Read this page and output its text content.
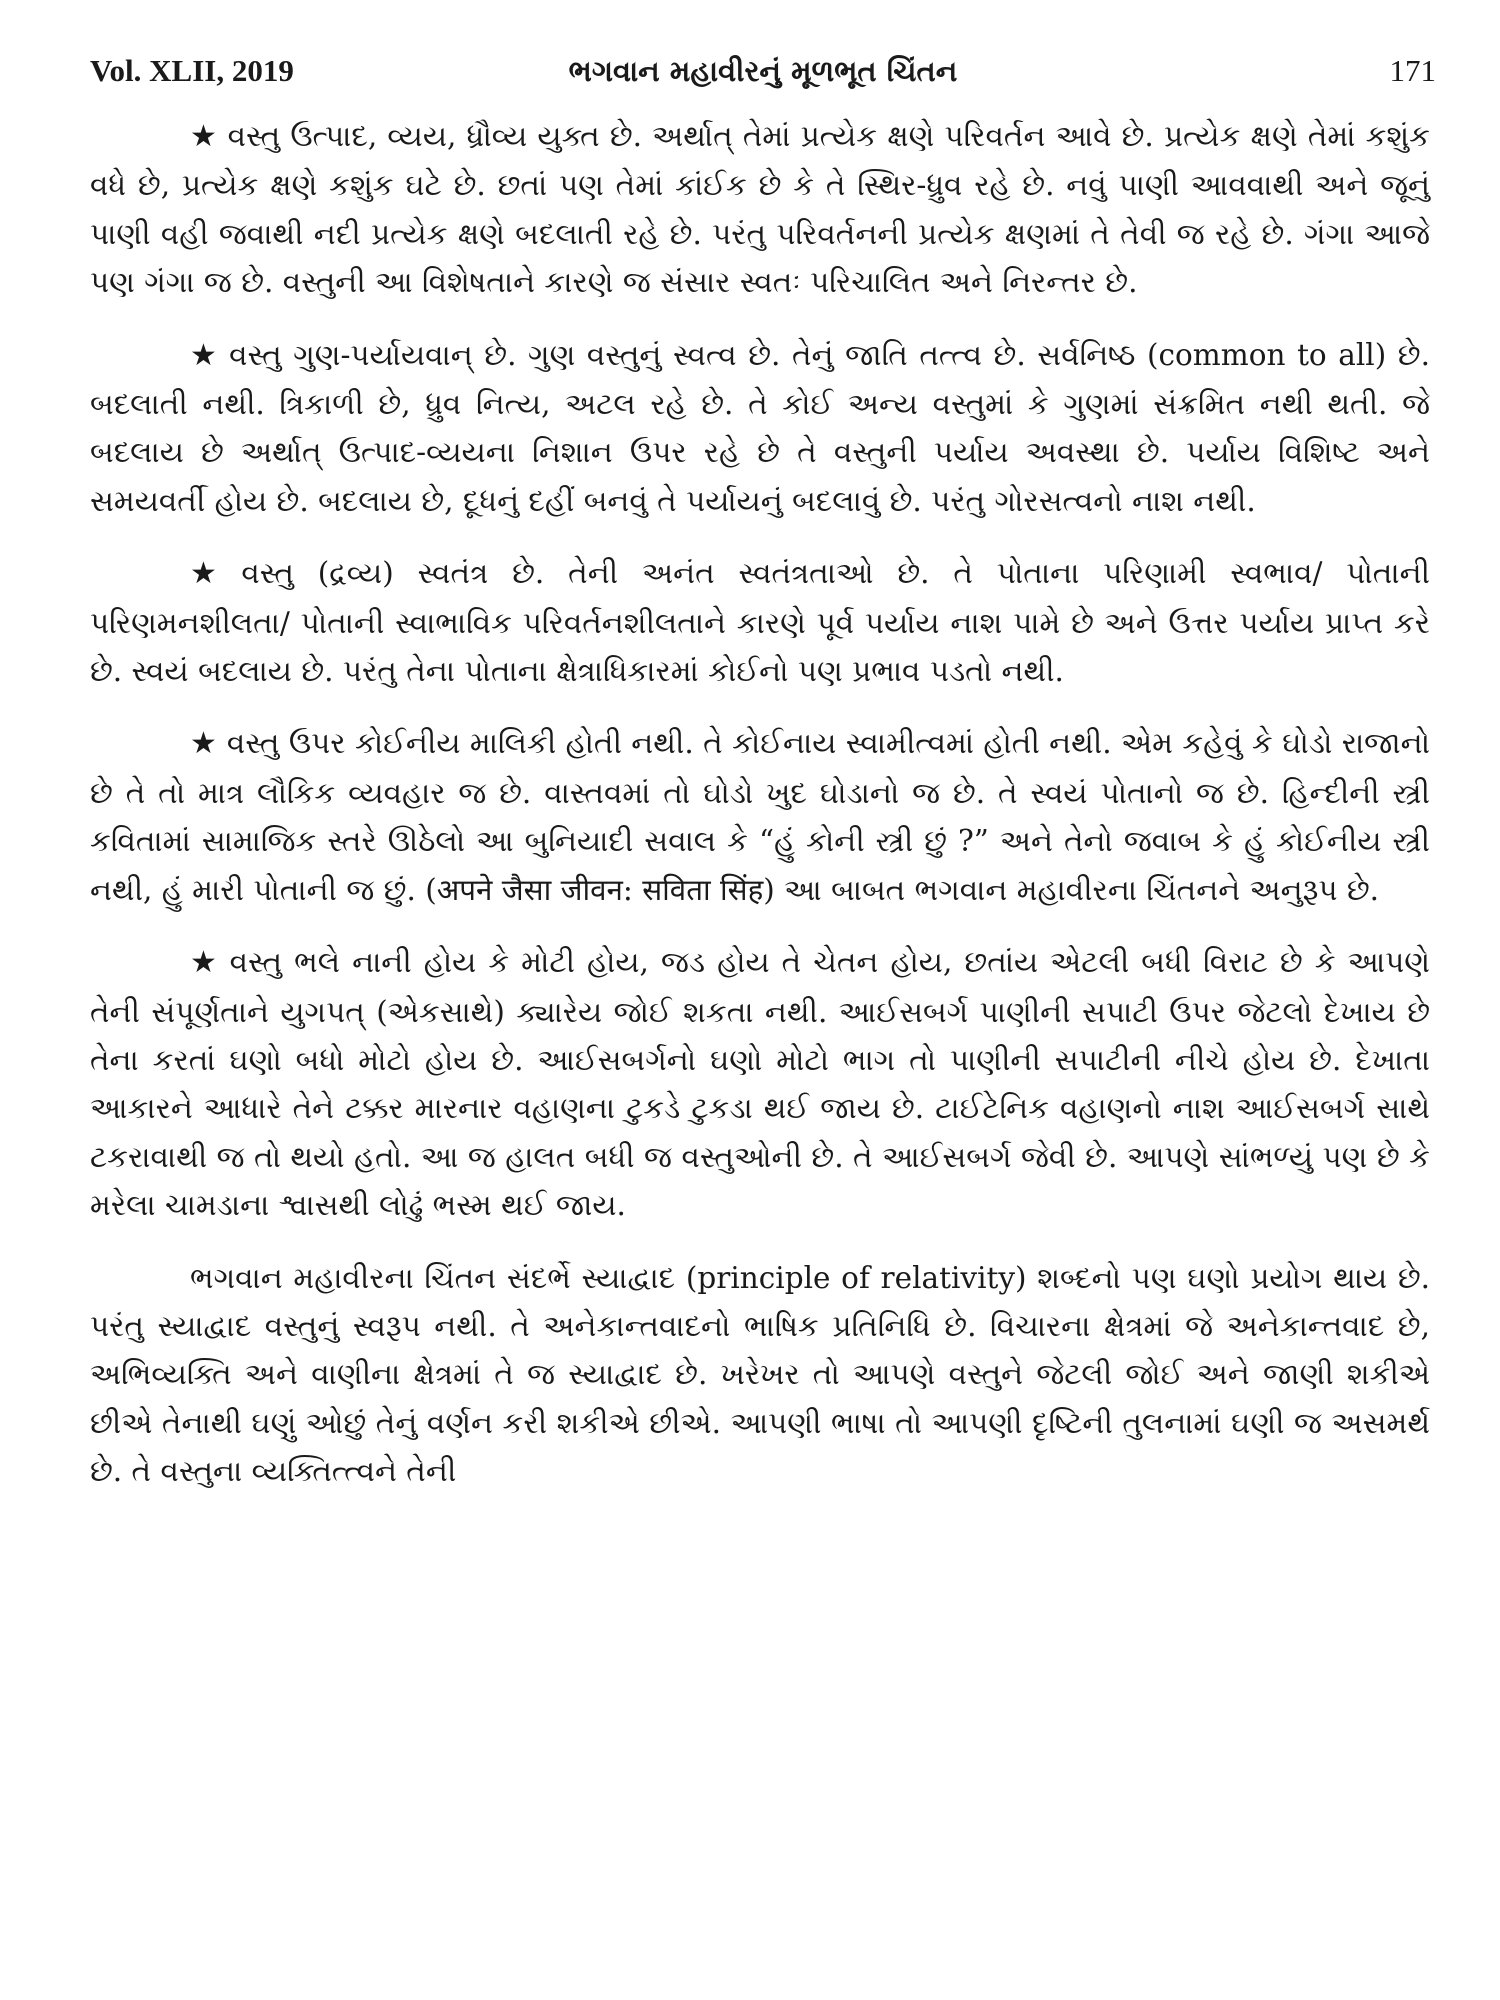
ભગવાન મહાવીરનું મૂળભૂત ચિંતન
Vol. XLII, 2019	171

★ વસ્તુ ઉત્પાદ, વ્યય, ધ્રૌવ્ય યુક્ત છે. અર્થાત્ તેમાં પ્રત્યેક ક્ષણે પરિવર્તન આવે છે. પ્રત્યેક ક્ષણે તેમાં કશુંક વધે છે, પ્રત્યેક ક્ષણે કશુંક ઘટે છે. છતાં પણ તેમાં કાંઈક છે કે તે સ્થિર-ધ્રુવ રહે છે. નવું પાણી આવવાથી અને જૂનું પાણી વહી જવાથી નદી પ્રત્યેક ક્ષણે બદલાતી રહે છે. પરંતુ પરિવર્તનની પ્રત્યેક ક્ષણમાં તે તેવી જ રહે છે. ગંગા આજે પણ ગંગા જ છે. વસ્તુની આ વિશેષતાને કારણે જ સંસાર સ્વતઃ પરિચાલિત અને નિરન્તર છે.

★ વસ્તુ ગુણ-પર્યાયવાન્ છે. ગુણ વસ્તુનું સ્વત્વ છે. તેનું જાતિ તત્ત્વ છે. સર્વનિષ્ઠ (common to all) છે. બદલાતી નથી. ત્રિકાળી છે, ધ્રુવ નિત્ય, અટલ રહે છે. તે કોઈ અન્ય વસ્તુમાં કે ગુણમાં સંક્રમિત નથી થતી. જે બદલાય છે અર્થાત્ ઉત્પાદ-વ્યયના નિશાન ઉપર રહે છે તે વસ્તુની પર્યાય અવસ્થા છે. પર્યાય વિશિષ્ટ અને સમયવર્તી હોય છે. બદલાય છે, દૂધનું દહીં બનવું તે પર્યાયનું બદલાવું છે. પરંતુ ગોરસત્વનો નાશ નથી.

★ વસ્તુ (દ્રવ્ય) સ્વતંત્ર છે. તેની અનંત સ્વતંત્રતાઓ છે. તે પોતાના પરિણામી સ્વભાવ/ પોતાની પરિણમનશીલતા/ પોતાની સ્વાભાવિક પરિવર્તનશીલતાને કારણે પૂર્વ પર્યાય નાશ પામે છે અને ઉત્તર પર્યાય પ્રાપ્ત કરે છે. સ્વયં બદલાય છે. પરંતુ તેના પોતાના ક્ષેત્રાધિકારમાં કોઈનો પણ પ્રભાવ પડતો નથી.

★ વસ્તુ ઉપર કોઈનીય માલિકી હોતી નથી. તે કોઈનાય સ્વામીત્વમાં હોતી નથી. એમ કહેવું કે ઘોડો રાજાનો છે તે તો માત્ર લૌકિક વ્યવહાર જ છે. વાસ્તવમાં તો ઘોડો ખુદ ઘોડાનો જ છે. તે સ્વયં પોતાનો જ છે. હિન્દીની સ્ત્રી કવિતામાં સામાજિક સ્તરે ઊઠેલો આ બુનિયાદી સવાલ કે “હું કોની સ્ત્રી છું ?” અને તેનો જવાબ કે હું કોઈનીય સ્ત્રી નથી, હું મારી પોતાની જ છું. (अपने जैसा जीवन: सविता सिंह) આ બાબત ભગવાન મહાવીરના ચિંતનને અનુરૂપ છે.

★ વસ્તુ ભલે નાની હોય કે મોટી હોય, જડ હોય તે ચેતન હોય, છતાંય એટલી બધી વિરાટ છે કે આપણે તેની સંપૂર્ણતાને યુગપત્ (એકસાથે) ક્યારેય જોઈ શકતા નથી. આઈસબર્ગ પાણીની સપાટી ઉપર જેટલો દેખાય છે તેના કરતાં ઘણો બધો મોટો હોય છે. આઈસબર્ગનો ઘણો મોટો ભાગ તો પાણીની સપાટીની નીચે હોય છે. દેખાતા આકારને આધારે તેને ટક્કર મારનાર વહાણના ટુકડે ટુકડા થઈ જાય છે. ટાઈટેનિક વહાણનો નાશ આઈસબર્ગ સાથે ટકરાવાથી જ તો થયો હતો. આ જ હાલત બધી જ વસ્તુઓની છે. તે આઈસબર્ગ જેવી છે. આપણે સાંભળ્યું પણ છે કે મરેલા ચામડાના શ્વાસથી લોઢું ભસ્મ થઈ જાય.

ભગવાન મહાવીરના ચિંતન સંદર્ભે સ્યાદ્વાદ (principle of relativity) શબ્દનો પણ ઘણો પ્રયોગ થાય છે. પરંતુ સ્યાદ્વાદ વસ્તુનું સ્વરૂપ નથી. તે અનેકાન્તવાદનો ભાષિક પ્રતિનિધિ છે. વિચારના ક્ષેત્રમાં જે અનેકાન્તવાદ છે, અભિવ્યક્તિ અને વાણીના ક્ષેત્રમાં તે જ સ્યાદ્વાદ છે. ખરેખર તો આપણે વસ્તુને જેટલી જોઈ અને જાણી શકીએ છીએ તેનાથી ઘણું ઓછું તેનું વર્ણન કરી શકીએ છીએ. આપણી ભાષા તો આપણી દૃષ્ટિની તુલનામાં ઘણી જ અસમર્થ છે. તે વસ્તુના વ્યક્તિત્ત્વને તેની
